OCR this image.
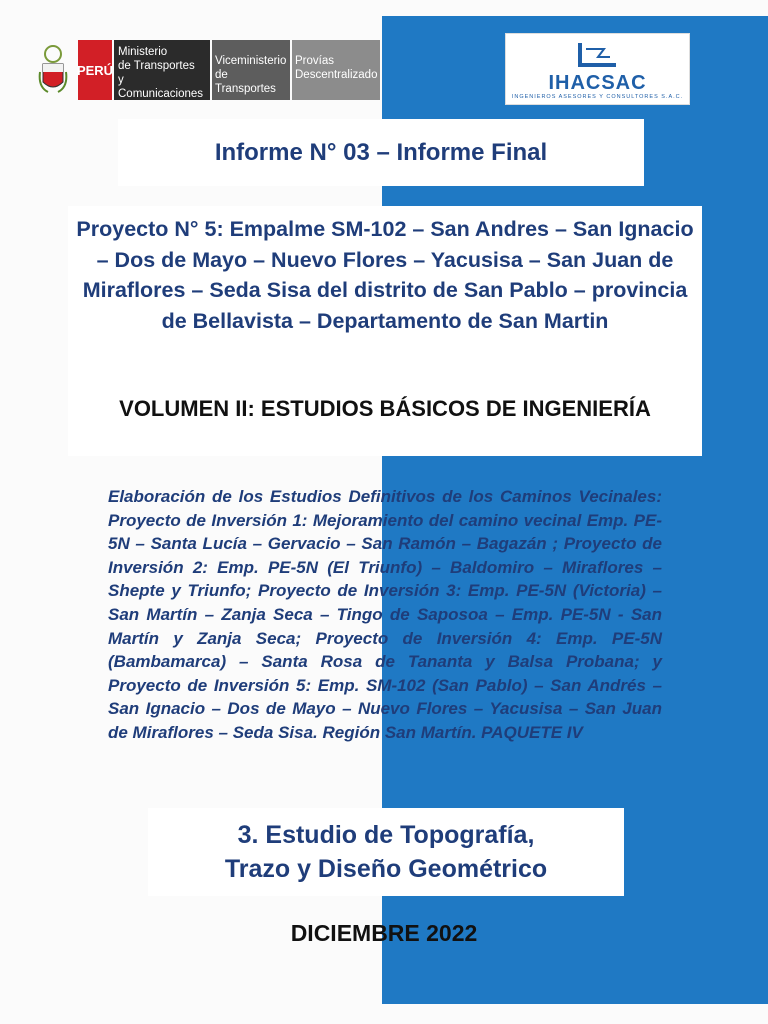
PERÚ
Ministerio
de Transportes
y Comunicaciones
Viceministerio
de Transportes
Provías
Descentralizado	IHACSAC
INGENIEROS ASESORES Y CONSULTORES S.A.C.
Informe N° 03 – Informe Final
Proyecto N° 5: Empalme SM-102 – San Andres – San Ignacio – Dos de Mayo – Nuevo Flores – Yacusisa – San Juan de Miraflores – Seda Sisa del distrito de San Pablo – provincia de Bellavista – Departamento de San Martin
VOLUMEN II: ESTUDIOS BÁSICOS DE INGENIERÍA
Elaboración de los Estudios Definitivos de los Caminos Vecinales: Proyecto de Inversión 1: Mejoramiento del camino vecinal Emp. PE-5N – Santa Lucía – Gervacio – San Ramón – Bagazán ; Proyecto de Inversión 2: Emp. PE-5N (El Triunfo) – Baldomiro – Miraflores – Shepte y Triunfo; Proyecto de Inversión 3: Emp. PE-5N (Victoria) – San Martín – Zanja Seca – Tingo de Saposoa – Emp. PE-5N - San Martín y Zanja Seca; Proyecto de Inversión 4: Emp. PE-5N (Bambamarca) – Santa Rosa de Tananta y Balsa Probana; y Proyecto de Inversión 5: Emp. SM-102 (San Pablo) – San Andrés – San Ignacio – Dos de Mayo – Nuevo Flores – Yacusisa – San Juan de Miraflores – Seda Sisa. Región San Martín. PAQUETE IV
3. Estudio de Topografía,
Trazo y Diseño Geométrico
DICIEMBRE 2022
